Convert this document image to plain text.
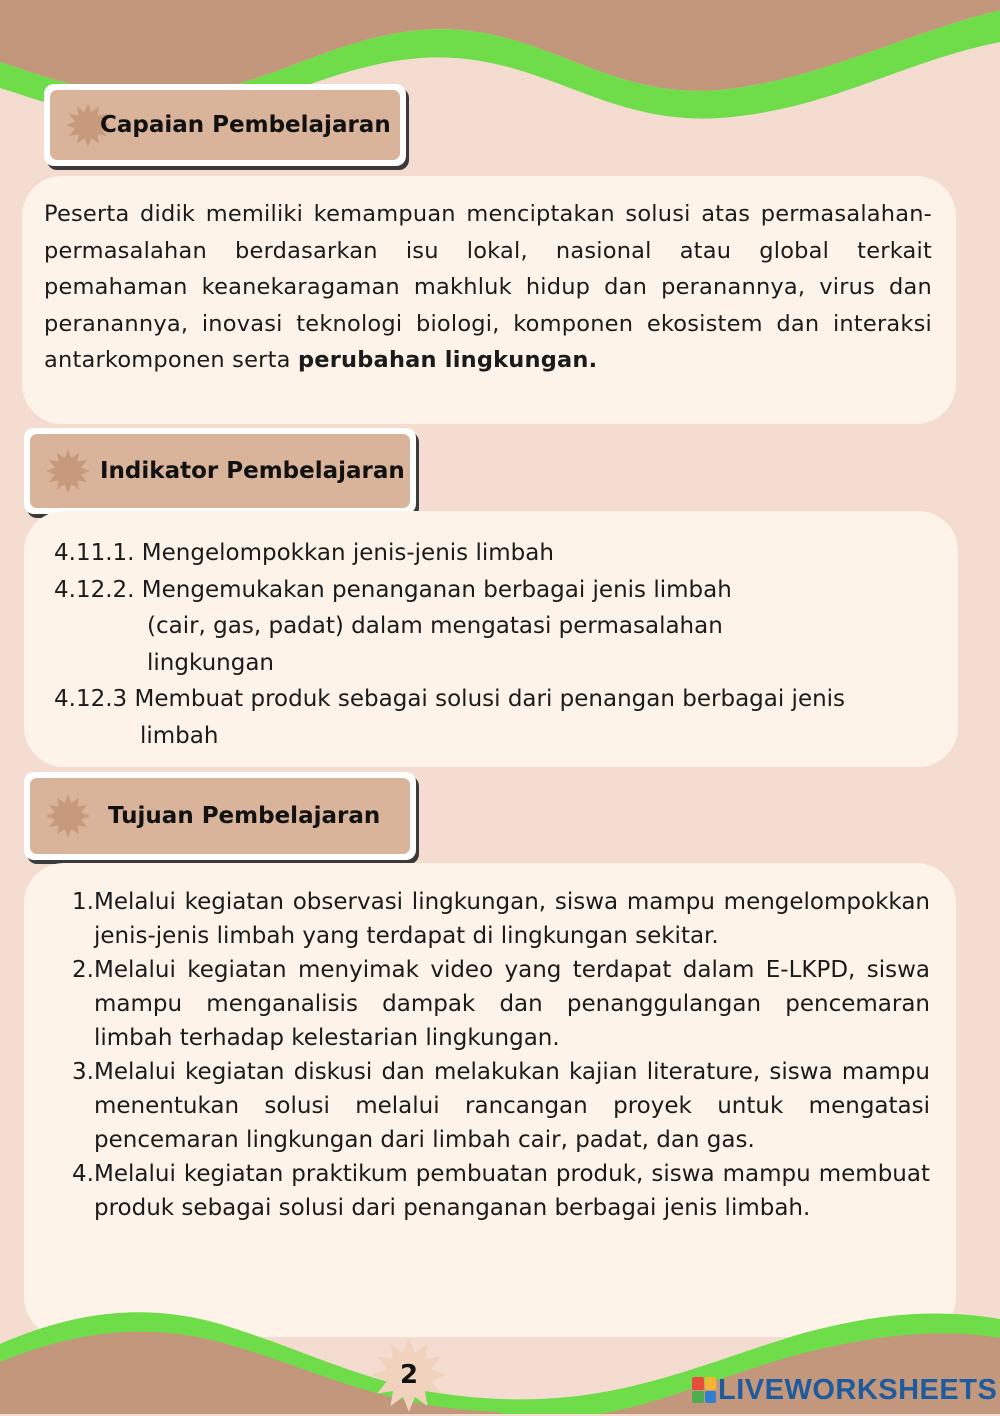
Capaian Pembelajaran
Peserta didik memiliki kemampuan menciptakan solusi atas permasalahan-permasalahan berdasarkan isu lokal, nasional atau global terkait pemahaman keanekaragaman makhluk hidup dan peranannya, virus dan peranannya, inovasi teknologi biologi, komponen ekosistem dan interaksi antarkomponen serta perubahan lingkungan.
Indikator Pembelajaran
4.11.1.
Mengelompokkan jenis-jenis limbah
4.12.2.
Mengemukakan penanganan berbagai jenis limbah
(cair, gas, padat) dalam mengatasi permasalahan
lingkungan
4.12.3
Membuat produk sebagai solusi dari penangan berbagai jenis
limbah
Tujuan Pembelajaran
1. Melalui kegiatan observasi lingkungan, siswa mampu mengelompokkan jenis-jenis limbah yang terdapat di lingkungan sekitar.
2. Melalui kegiatan menyimak video yang terdapat dalam E-LKPD, siswa mampu menganalisis dampak dan penanggulangan pencemaran limbah terhadap kelestarian lingkungan.
3. Melalui kegiatan diskusi dan melakukan kajian literature, siswa mampu menentukan solusi melalui rancangan proyek untuk mengatasi pencemaran lingkungan dari limbah cair, padat, dan gas.
4. Melalui kegiatan praktikum pembuatan produk, siswa mampu membuat produk sebagai solusi dari penanganan berbagai jenis limbah.
2	LIVEWORKSHEETS
